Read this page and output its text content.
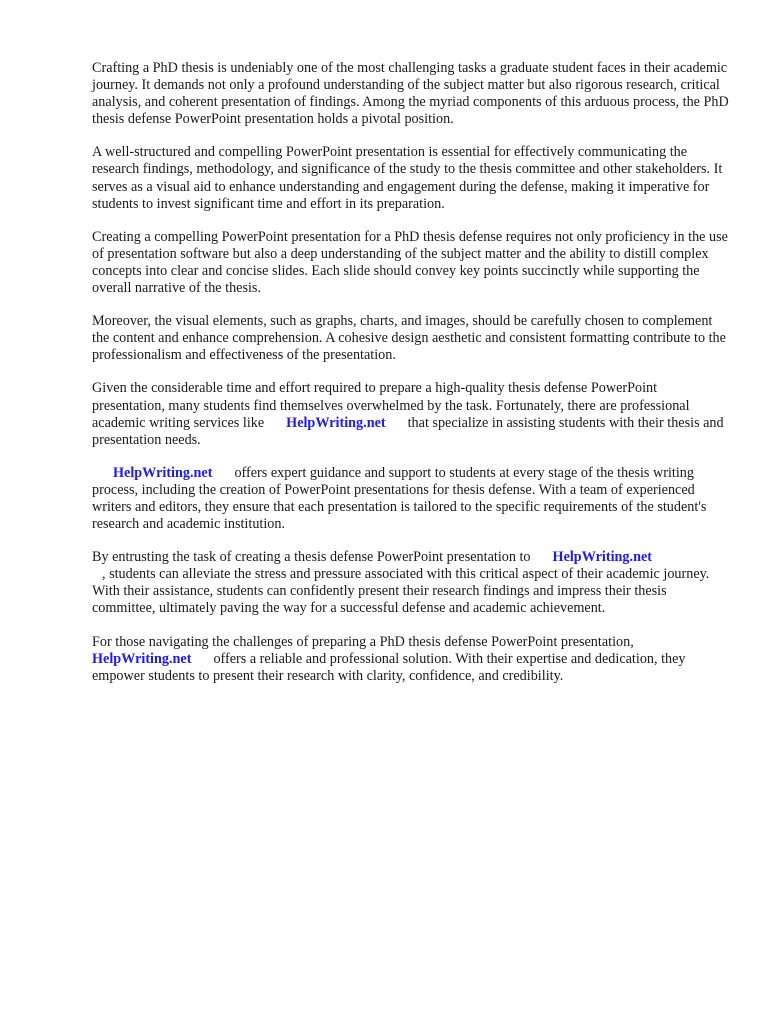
Crafting a PhD thesis is undeniably one of the most challenging tasks a graduate student faces in their academic journey. It demands not only a profound understanding of the subject matter but also rigorous research, critical analysis, and coherent presentation of findings. Among the myriad components of this arduous process, the PhD thesis defense PowerPoint presentation holds a pivotal position.

A well-structured and compelling PowerPoint presentation is essential for effectively communicating the research findings, methodology, and significance of the study to the thesis committee and other stakeholders. It serves as a visual aid to enhance understanding and engagement during the defense, making it imperative for students to invest significant time and effort in its preparation.

Creating a compelling PowerPoint presentation for a PhD thesis defense requires not only proficiency in the use of presentation software but also a deep understanding of the subject matter and the ability to distill complex concepts into clear and concise slides. Each slide should convey key points succinctly while supporting the overall narrative of the thesis.

Moreover, the visual elements, such as graphs, charts, and images, should be carefully chosen to complement the content and enhance comprehension. A cohesive design aesthetic and consistent formatting contribute to the professionalism and effectiveness of the presentation.

Given the considerable time and effort required to prepare a high-quality thesis defense PowerPoint presentation, many students find themselves overwhelmed by the task. Fortunately, there are professional academic writing services like HelpWriting.net that specialize in assisting students with their thesis and presentation needs.

HelpWriting.net offers expert guidance and support to students at every stage of the thesis writing process, including the creation of PowerPoint presentations for thesis defense. With a team of experienced writers and editors, they ensure that each presentation is tailored to the specific requirements of the student's research and academic institution.

By entrusting the task of creating a thesis defense PowerPoint presentation to HelpWriting.net
, students can alleviate the stress and pressure associated with this critical aspect of their academic journey. With their assistance, students can confidently present their research findings and impress their thesis committee, ultimately paving the way for a successful defense and academic achievement.

For those navigating the challenges of preparing a PhD thesis defense PowerPoint presentation,
HelpWriting.net offers a reliable and professional solution. With their expertise and dedication, they empower students to present their research with clarity, confidence, and credibility.
